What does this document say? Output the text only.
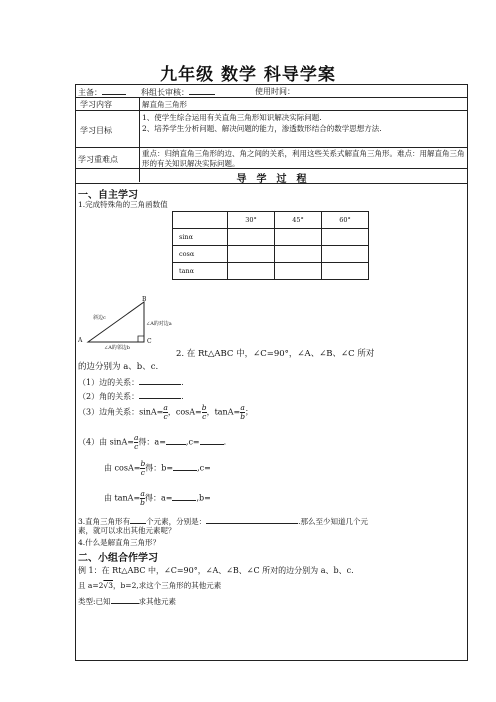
九年级 数学 科导学案
主备：	科组长审核：	使用时间：
学习内容	解直角三角形
学习目标
1、使学生综合运用有关直角三角形知识解决实际问题.
2、培养学生分析问题、解决问题的能力，渗透数形结合的数学思想方法.
学习重难点
重点：归纳直角三角形的边、角之间的关系，利用这些关系式解直角三角形。难点：用解直角三角形的有关知识解决实际问题。
导　学　过　程
一、自主学习
1.完成特殊角的三角函数值
	30°	45°	60°
sinα			
cosα			
tanα			
A
B
C
斜边c
∠A的邻边b
∠A的对边a
2. 在 Rt△ABC 中，∠C=90°，∠A、∠B、∠C 所对
的边分别为 a、b、c.
（1）边的关系：	.
（2）角的关系：	.
（3）边角关系：$\sin A= \frac{a}{c}$ ，$\cos A= \frac{b}{c}$ ，$\tan A= \frac{a}{b}$ ；
（4）由 $\sin A= \frac{a}{c}$ 得：a=	,c=	.
由 $\cos A= \frac{b}{c}$ 得：b=	,c=
由 $\tan A= \frac{a}{b}$ 得：a=	,b=
3.直角三角形有 个元素，分别是：	.那么至少知道几个元
素，就可以求出其他元素呢？
4.什么是解直角三角形？
二、小组合作学习
例 1：在 Rt△ABC 中，∠C=90°，∠A、∠B、∠C 所对的边分别为 a、b、c.
且 a=2√3，b=2,求这个三角形的其他元素
类型:已知	求其他元素
